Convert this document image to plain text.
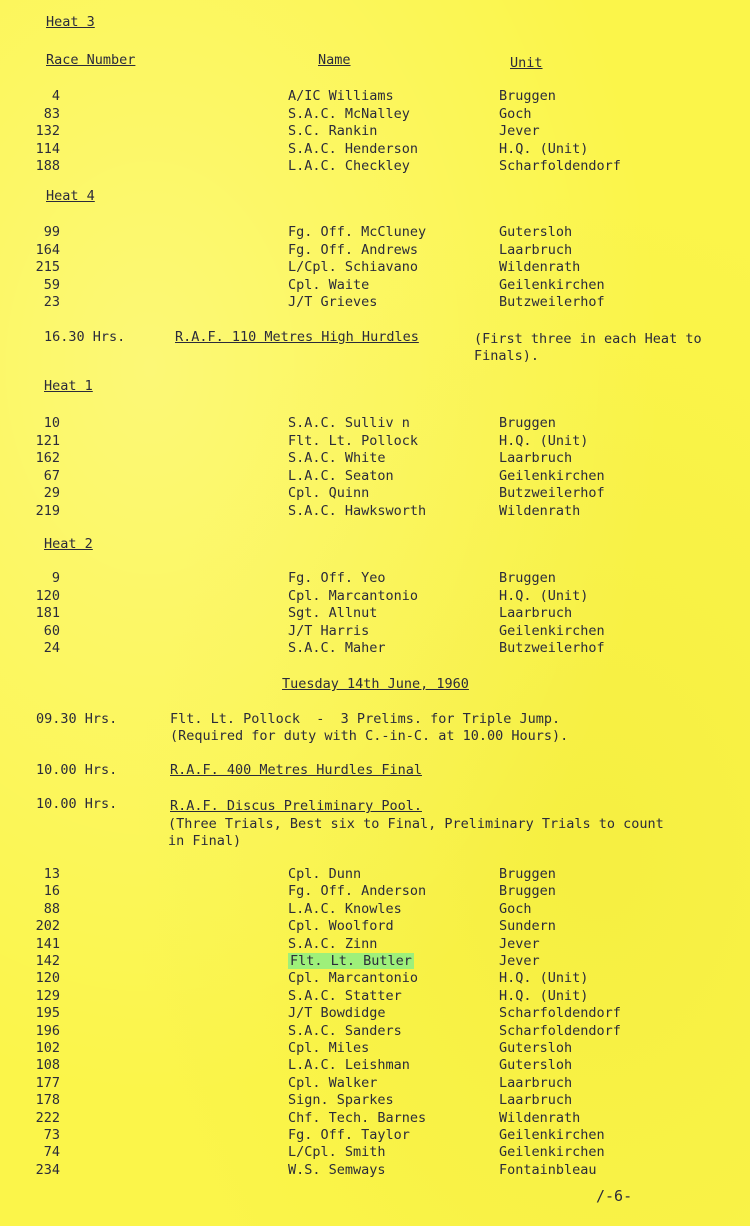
Heat 3
Race Number	Name	Unit
4	A/IC Williams	Bruggen
83	S.A.C. McNalley	Goch
132	S.C. Rankin	Jever
114	S.A.C. Henderson	H.Q. (Unit)
188	L.A.C. Checkley	Scharfoldendorf
Heat 4
99	Fg. Off. McCluney	Gutersloh
164	Fg. Off. Andrews	Laarbruch
215	L/Cpl. Schiavano	Wildenrath
59	Cpl. Waite	Geilenkirchen
23	J/T Grieves	Butzweilerhof
16.30 Hrs.	R.A.F. 110 Metres High Hurdles	(First three in each Heat to
Finals).
Heat 1
10	S.A.C. Sulliv n	Bruggen
121	Flt. Lt. Pollock	H.Q. (Unit)
162	S.A.C. White	Laarbruch
67	L.A.C. Seaton	Geilenkirchen
29	Cpl. Quinn	Butzweilerhof
219	S.A.C. Hawksworth	Wildenrath
Heat 2
9	Fg. Off. Yeo	Bruggen
120	Cpl. Marcantonio	H.Q. (Unit)
181	Sgt. Allnut	Laarbruch
60	J/T Harris	Geilenkirchen
24	S.A.C. Maher	Butzweilerhof
Tuesday 14th June, 1960
09.30 Hrs.	Flt. Lt. Pollock  -  3 Prelims. for Triple Jump.
(Required for duty with C.-in-C. at 10.00 Hours).
10.00 Hrs.	R.A.F. 400 Metres Hurdles Final
10.00 Hrs.	R.A.F. Discus Preliminary Pool.
(Three Trials, Best six to Final, Preliminary Trials to count
in Final)
13	Cpl. Dunn	Bruggen
16	Fg. Off. Anderson	Bruggen
88	L.A.C. Knowles	Goch
202	Cpl. Woolford	Sundern
141	S.A.C. Zinn	Jever
142	Flt. Lt. Butler	Jever
120	Cpl. Marcantonio	H.Q. (Unit)
129	S.A.C. Statter	H.Q. (Unit)
195	J/T Bowdidge	Scharfoldendorf
196	S.A.C. Sanders	Scharfoldendorf
102	Cpl. Miles	Gutersloh
108	L.A.C. Leishman	Gutersloh
177	Cpl. Walker	Laarbruch
178	Sign. Sparkes	Laarbruch
222	Chf. Tech. Barnes	Wildenrath
73	Fg. Off. Taylor	Geilenkirchen
74	L/Cpl. Smith	Geilenkirchen
234	W.S. Semways	Fontainbleau
/-6-
